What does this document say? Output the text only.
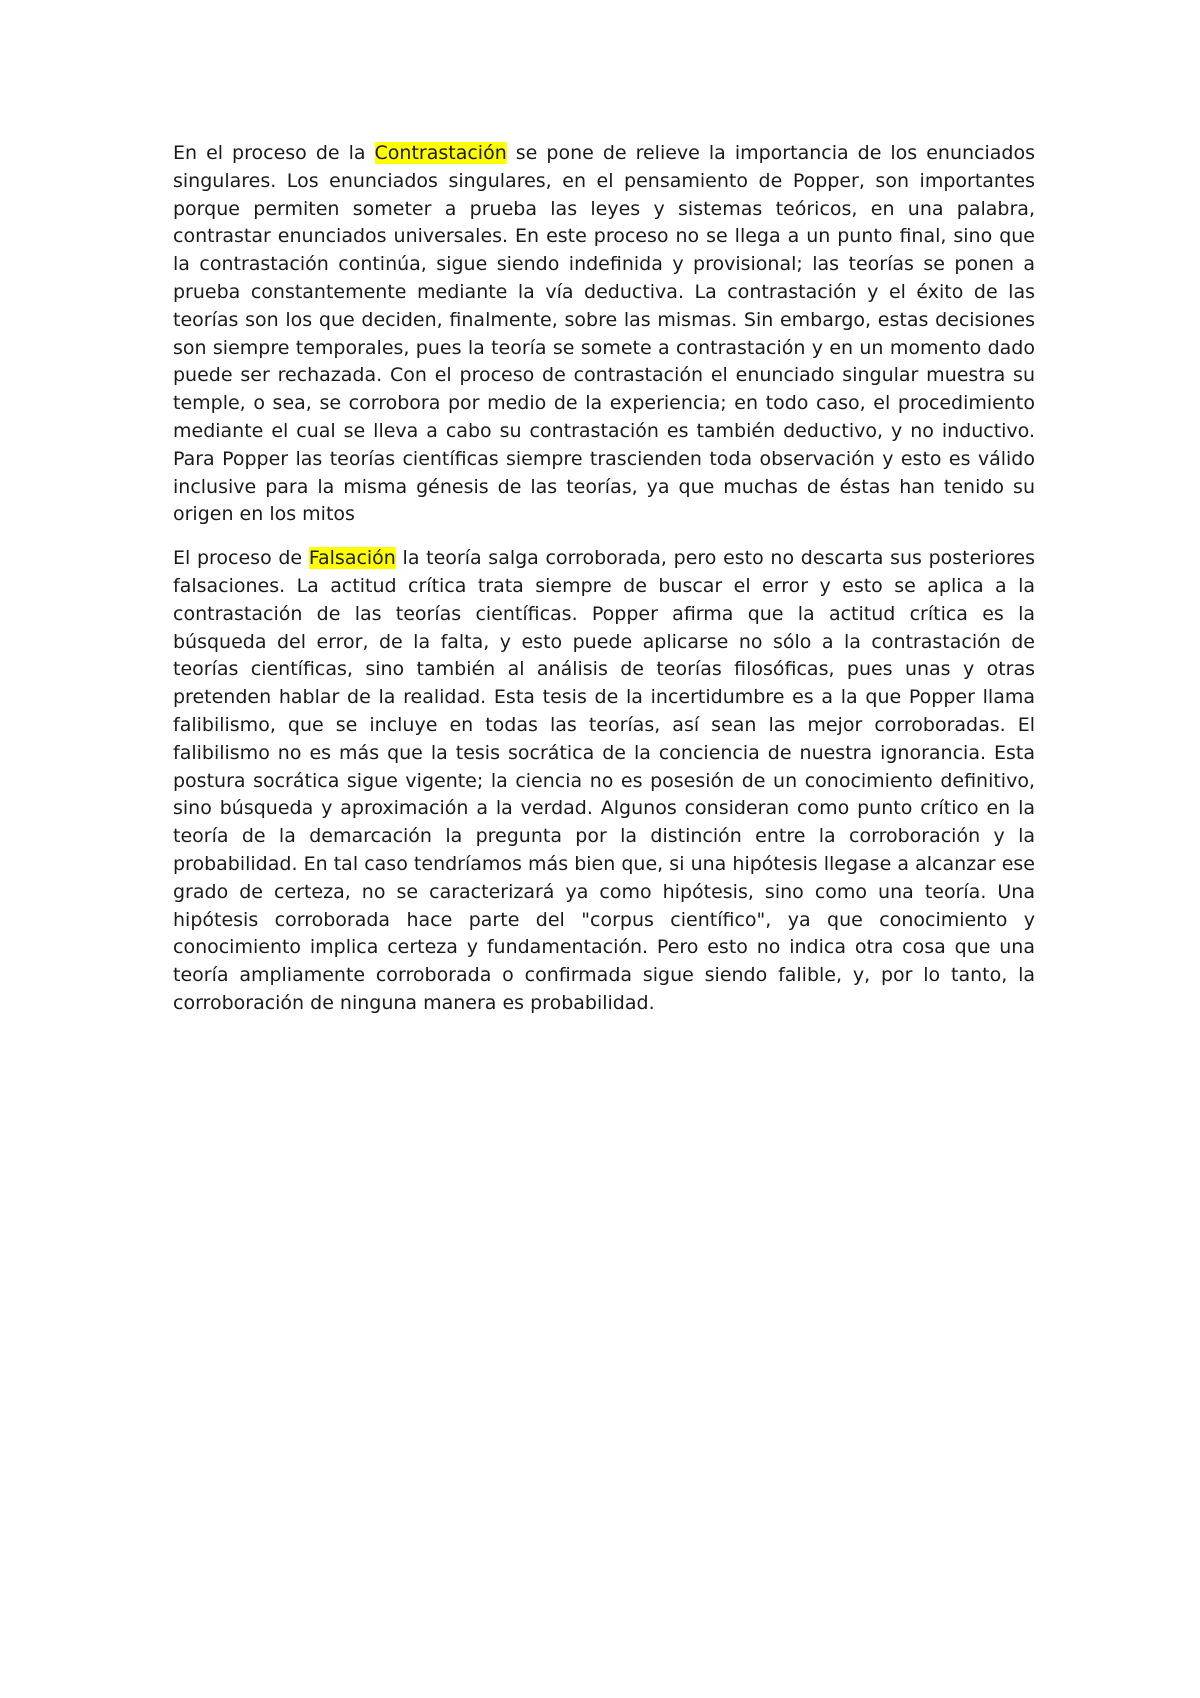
En el proceso de la Contrastación se pone de relieve la importancia de los enunciados singulares. Los enunciados singulares, en el pensamiento de Popper, son importantes porque permiten someter a prueba las leyes y sistemas teóricos, en una palabra, contrastar enunciados universales. En este proceso no se llega a un punto final, sino que la contrastación continúa, sigue siendo indefinida y provisional; las teorías se ponen a prueba constantemente mediante la vía deductiva. La contrastación y el éxito de las teorías son los que deciden, finalmente, sobre las mismas. Sin embargo, estas decisiones son siempre temporales, pues la teoría se somete a contrastación y en un momento dado puede ser rechazada. Con el proceso de contrastación el enunciado singular muestra su temple, o sea, se corrobora por medio de la experiencia; en todo caso, el procedimiento mediante el cual se lleva a cabo su contrastación es también deductivo, y no inductivo. Para Popper las teorías científicas siempre trascienden toda observación y esto es válido inclusive para la misma génesis de las teorías, ya que muchas de éstas han tenido su origen en los mitos

El proceso de Falsación la teoría salga corroborada, pero esto no descarta sus posteriores falsaciones. La actitud crítica trata siempre de buscar el error y esto se aplica a la contrastación de las teorías científicas. Popper afirma que la actitud crítica es la búsqueda del error, de la falta, y esto puede aplicarse no sólo a la contrastación de teorías científicas, sino también al análisis de teorías filosóficas, pues unas y otras pretenden hablar de la realidad. Esta tesis de la incertidumbre es a la que Popper llama falibilismo, que se incluye en todas las teorías, así sean las mejor corroboradas. El falibilismo no es más que la tesis socrática de la conciencia de nuestra ignorancia. Esta postura socrática sigue vigente; la ciencia no es posesión de un conocimiento definitivo, sino búsqueda y aproximación a la verdad. Algunos consideran como punto crítico en la teoría de la demarcación la pregunta por la distinción entre la corroboración y la probabilidad. En tal caso tendríamos más bien que, si una hipótesis llegase a alcanzar ese grado de certeza, no se caracterizará ya como hipótesis, sino como una teoría. Una hipótesis corroborada hace parte del "corpus científico", ya que conocimiento y conocimiento implica certeza y fundamentación. Pero esto no indica otra cosa que una teoría ampliamente corroborada o confirmada sigue siendo falible, y, por lo tanto, la corroboración de ninguna manera es probabilidad.
